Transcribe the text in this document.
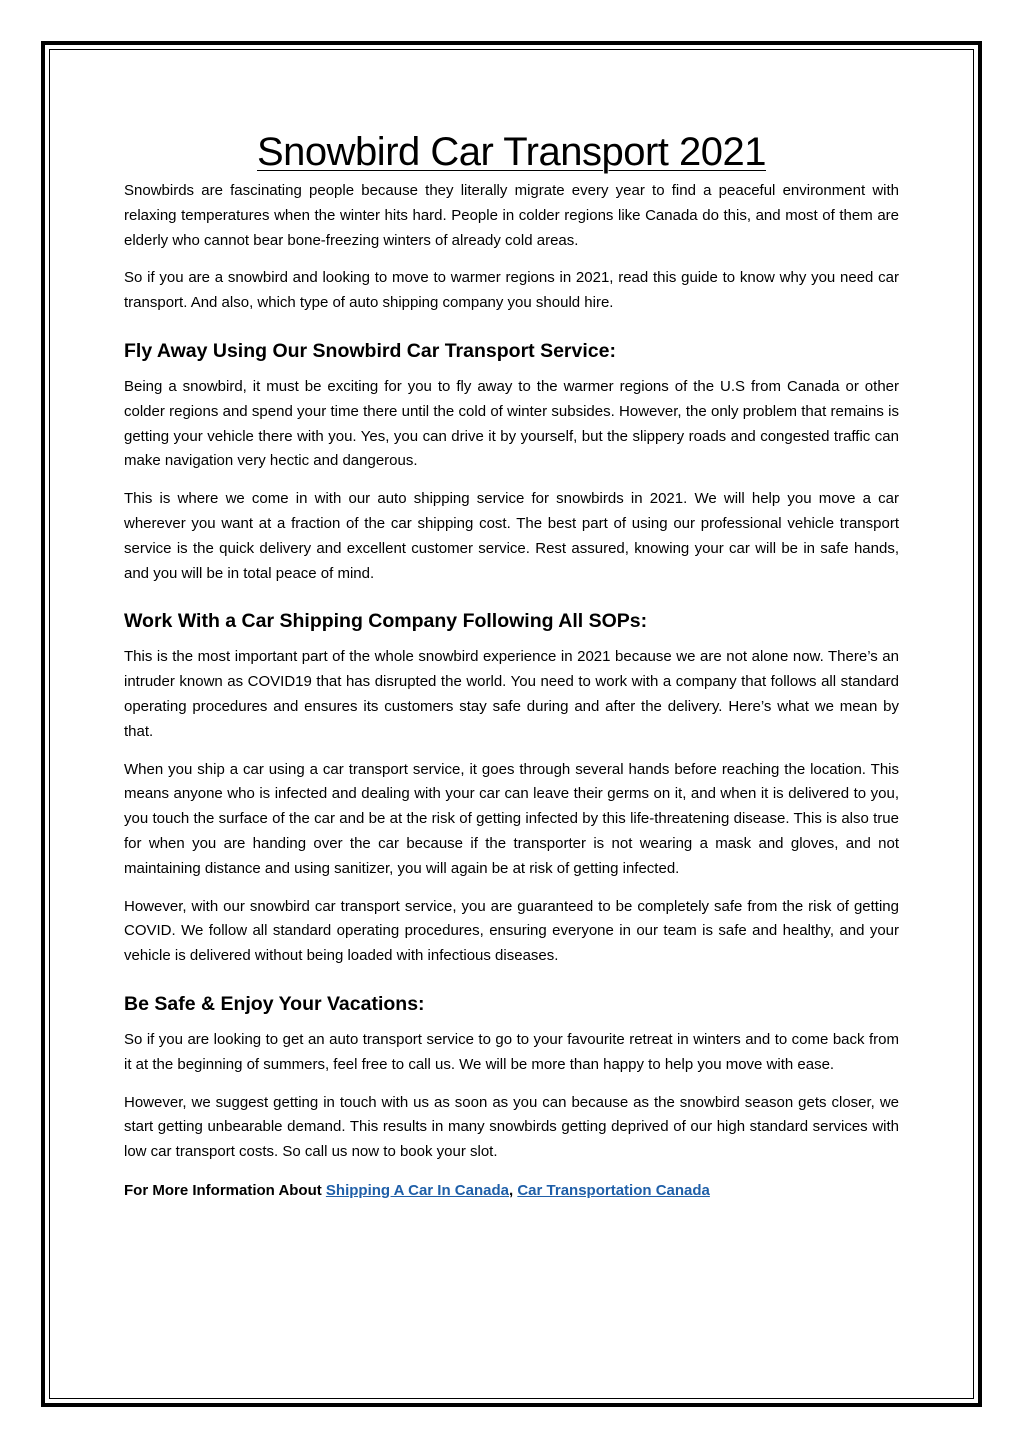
Snowbird Car Transport 2021

Snowbirds are fascinating people because they literally migrate every year to find a peaceful environment with relaxing temperatures when the winter hits hard. People in colder regions like Canada do this, and most of them are elderly who cannot bear bone-freezing winters of already cold areas.

So if you are a snowbird and looking to move to warmer regions in 2021, read this guide to know why you need car transport. And also, which type of auto shipping company you should hire.

Fly Away Using Our Snowbird Car Transport Service:

Being a snowbird, it must be exciting for you to fly away to the warmer regions of the U.S from Canada or other colder regions and spend your time there until the cold of winter subsides. However, the only problem that remains is getting your vehicle there with you. Yes, you can drive it by yourself, but the slippery roads and congested traffic can make navigation very hectic and dangerous.

This is where we come in with our auto shipping service for snowbirds in 2021. We will help you move a car wherever you want at a fraction of the car shipping cost. The best part of using our professional vehicle transport service is the quick delivery and excellent customer service. Rest assured, knowing your car will be in safe hands, and you will be in total peace of mind.

Work With a Car Shipping Company Following All SOPs:

This is the most important part of the whole snowbird experience in 2021 because we are not alone now. There’s an intruder known as COVID19 that has disrupted the world. You need to work with a company that follows all standard operating procedures and ensures its customers stay safe during and after the delivery. Here’s what we mean by that.

When you ship a car using a car transport service, it goes through several hands before reaching the location. This means anyone who is infected and dealing with your car can leave their germs on it, and when it is delivered to you, you touch the surface of the car and be at the risk of getting infected by this life-threatening disease. This is also true for when you are handing over the car because if the transporter is not wearing a mask and gloves, and not maintaining distance and using sanitizer, you will again be at risk of getting infected.

However, with our snowbird car transport service, you are guaranteed to be completely safe from the risk of getting COVID. We follow all standard operating procedures, ensuring everyone in our team is safe and healthy, and your vehicle is delivered without being loaded with infectious diseases.

Be Safe & Enjoy Your Vacations:

So if you are looking to get an auto transport service to go to your favourite retreat in winters and to come back from it at the beginning of summers, feel free to call us. We will be more than happy to help you move with ease.

However, we suggest getting in touch with us as soon as you can because as the snowbird season gets closer, we start getting unbearable demand. This results in many snowbirds getting deprived of our high standard services with low car transport costs. So call us now to book your slot.

For More Information About Shipping A Car In Canada, Car Transportation Canada
